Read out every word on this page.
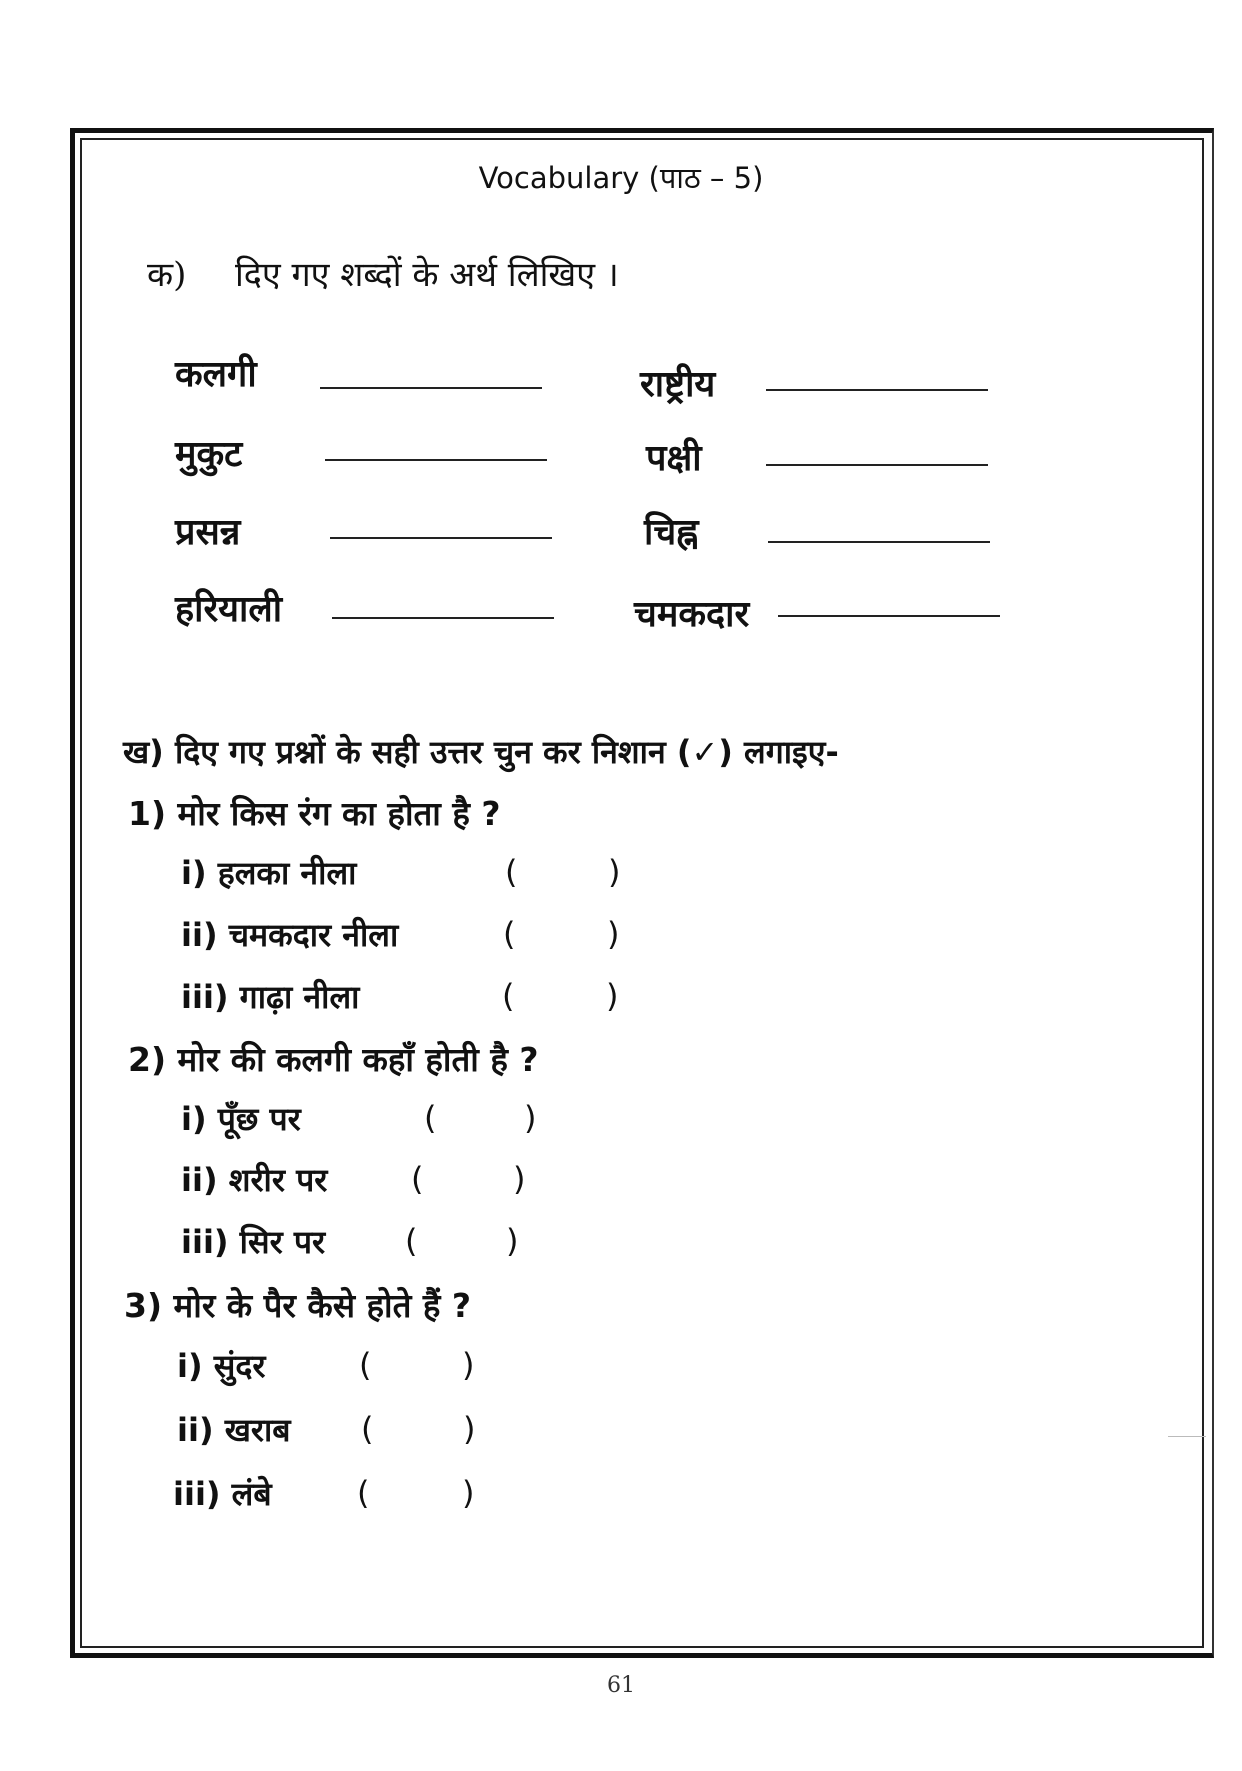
Vocabulary (पाठ – 5)
क) दिए गए शब्दों के अर्थ लिखिए ।
कलगी	राष्ट्रीय
मुकुट	पक्षी
प्रसन्न	चिह्न
हरियाली	चमकदार
ख) दिए गए प्रश्नों के सही उत्तर चुन कर निशान (✓) लगाइए-
1) मोर किस रंग का होता है ?
i) हलका नीला	(	)
ii) चमकदार नीला	(	)
iii) गाढ़ा नीला	(	)
2) मोर की कलगी कहाँ होती है ?
i) पूँछ पर	(	)
ii) शरीर पर	(	)
iii) सिर पर (	)
3) मोर के पैर कैसे होते हैं ?
i) सुंदर	(	)
ii) खराब (	)
iii) लंबे	(	)
61
